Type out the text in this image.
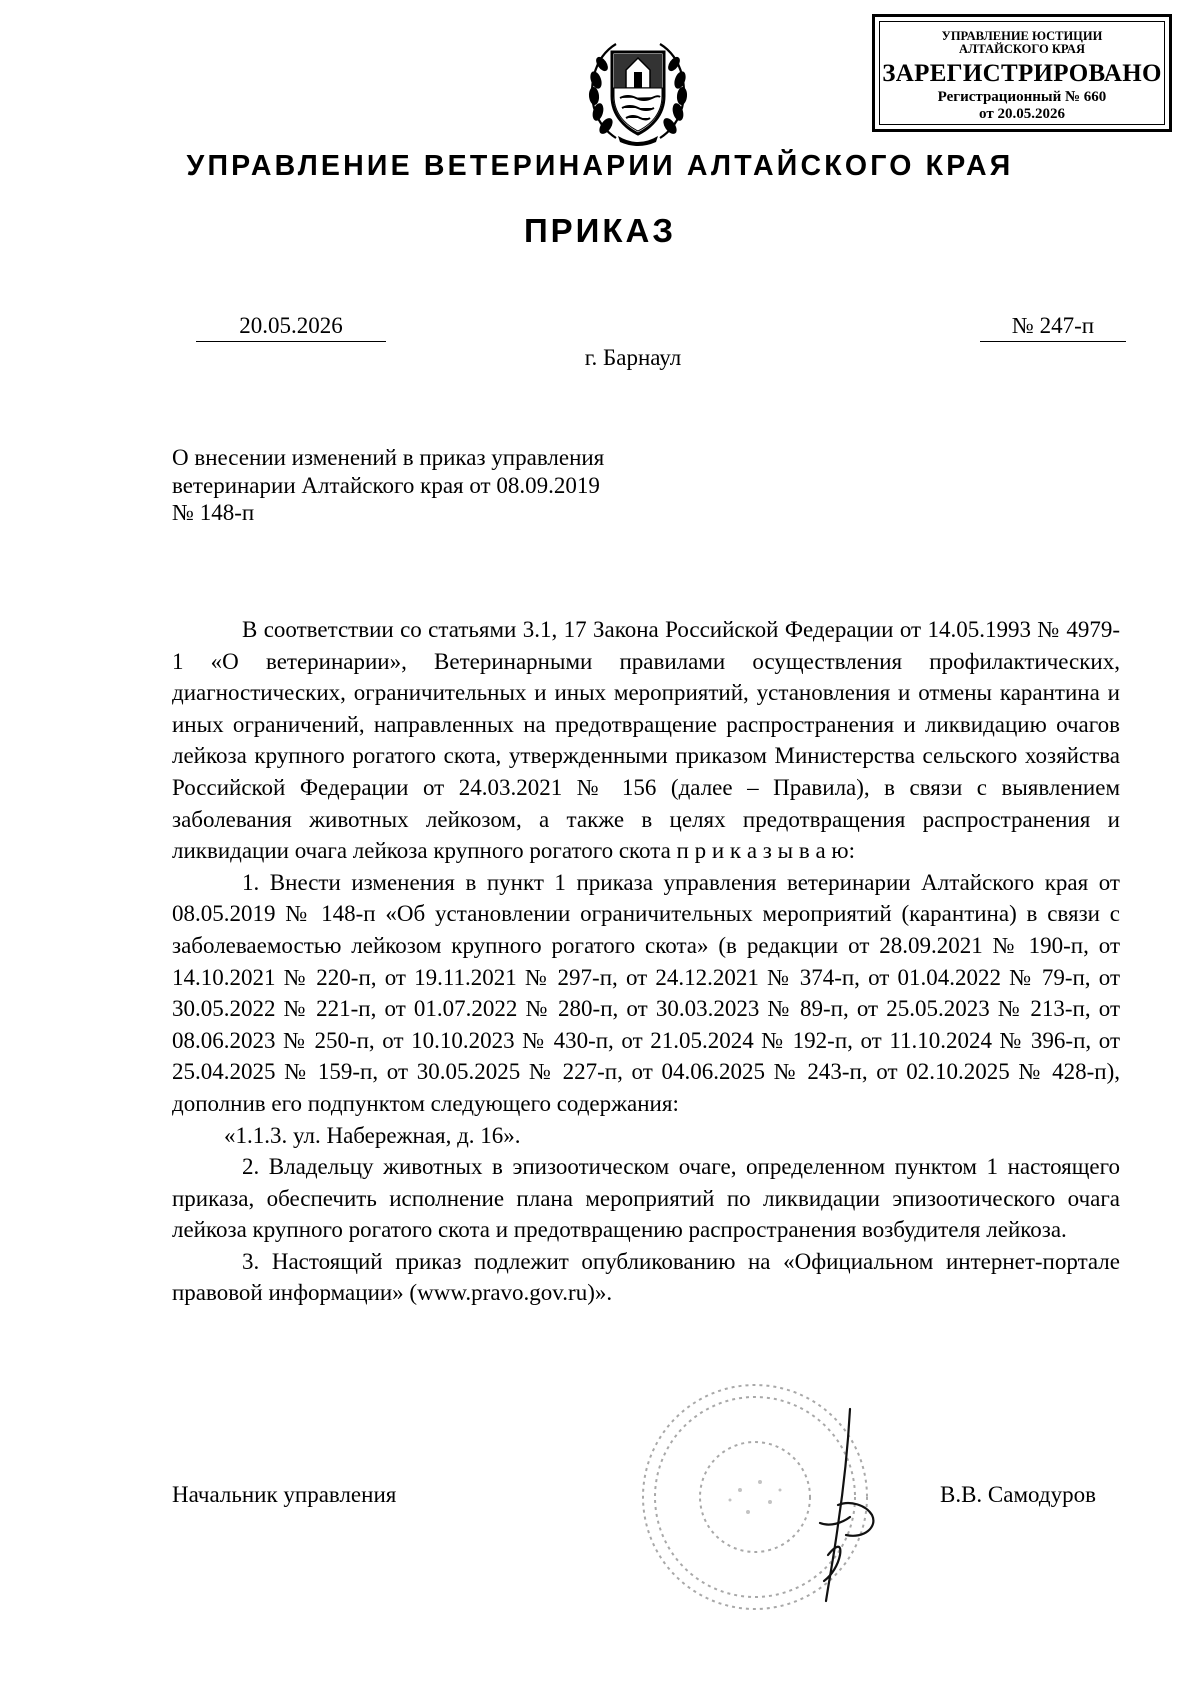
УПРАВЛЕНИЕ ЮСТИЦИИ
АЛТАЙСКОГО КРАЯ
ЗАРЕГИСТРИРОВАНО
Регистрационный № 660
от 20.05.2026
УПРАВЛЕНИЕ ВЕТЕРИНАРИИ АЛТАЙСКОГО КРАЯ
ПРИКАЗ
20.05.2026	№ 247-п
г. Барнаул
О внесении изменений в приказ управления
ветеринарии Алтайского края от 08.09.2019
№ 148-п

В соответствии со статьями 3.1, 17 Закона Российской Федерации от 14.05.1993 № 4979-1 «О ветеринарии», Ветеринарными правилами осуществления профилактических, диагностических, ограничительных и иных мероприятий, установления и отмены карантина и иных ограничений, направленных на предотвращение распространения и ликвидацию очагов лейкоза крупного рогатого скота, утвержденными приказом Министерства сельского хозяйства Российской Федерации от 24.03.2021 № 156 (далее – Правила), в связи с выявлением заболевания животных лейкозом, а также в целях предотвращения распространения и ликвидации очага лейкоза крупного рогатого скота п р и к а з ы в а ю:

1. Внести изменения в пункт 1 приказа управления ветеринарии Алтайского края от 08.05.2019 № 148-п «Об установлении ограничительных мероприятий (карантина) в связи с заболеваемостью лейкозом крупного рогатого скота» (в редакции от 28.09.2021 № 190-п, от 14.10.2021 № 220-п, от 19.11.2021 № 297-п, от 24.12.2021 № 374-п, от 01.04.2022 № 79-п, от 30.05.2022 № 221-п, от 01.07.2022 № 280-п, от 30.03.2023 № 89-п, от 25.05.2023 № 213-п, от 08.06.2023 № 250-п, от 10.10.2023 № 430-п, от 21.05.2024 № 192-п, от 11.10.2024 № 396-п, от 25.04.2025 № 159-п, от 30.05.2025 № 227-п, от 04.06.2025 № 243-п, от 02.10.2025 № 428-п), дополнив его подпунктом следующего содержания:

«1.1.3. ул. Набережная, д. 16».

2. Владельцу животных в эпизоотическом очаге, определенном пунктом 1 настоящего приказа, обеспечить исполнение плана мероприятий по ликвидации эпизоотического очага лейкоза крупного рогатого скота и предотвращению распространения возбудителя лейкоза.

3. Настоящий приказ подлежит опубликованию на «Официальном интернет-портале правовой информации» (www.pravo.gov.ru)».

Начальник управления	В.В. Самодуров
